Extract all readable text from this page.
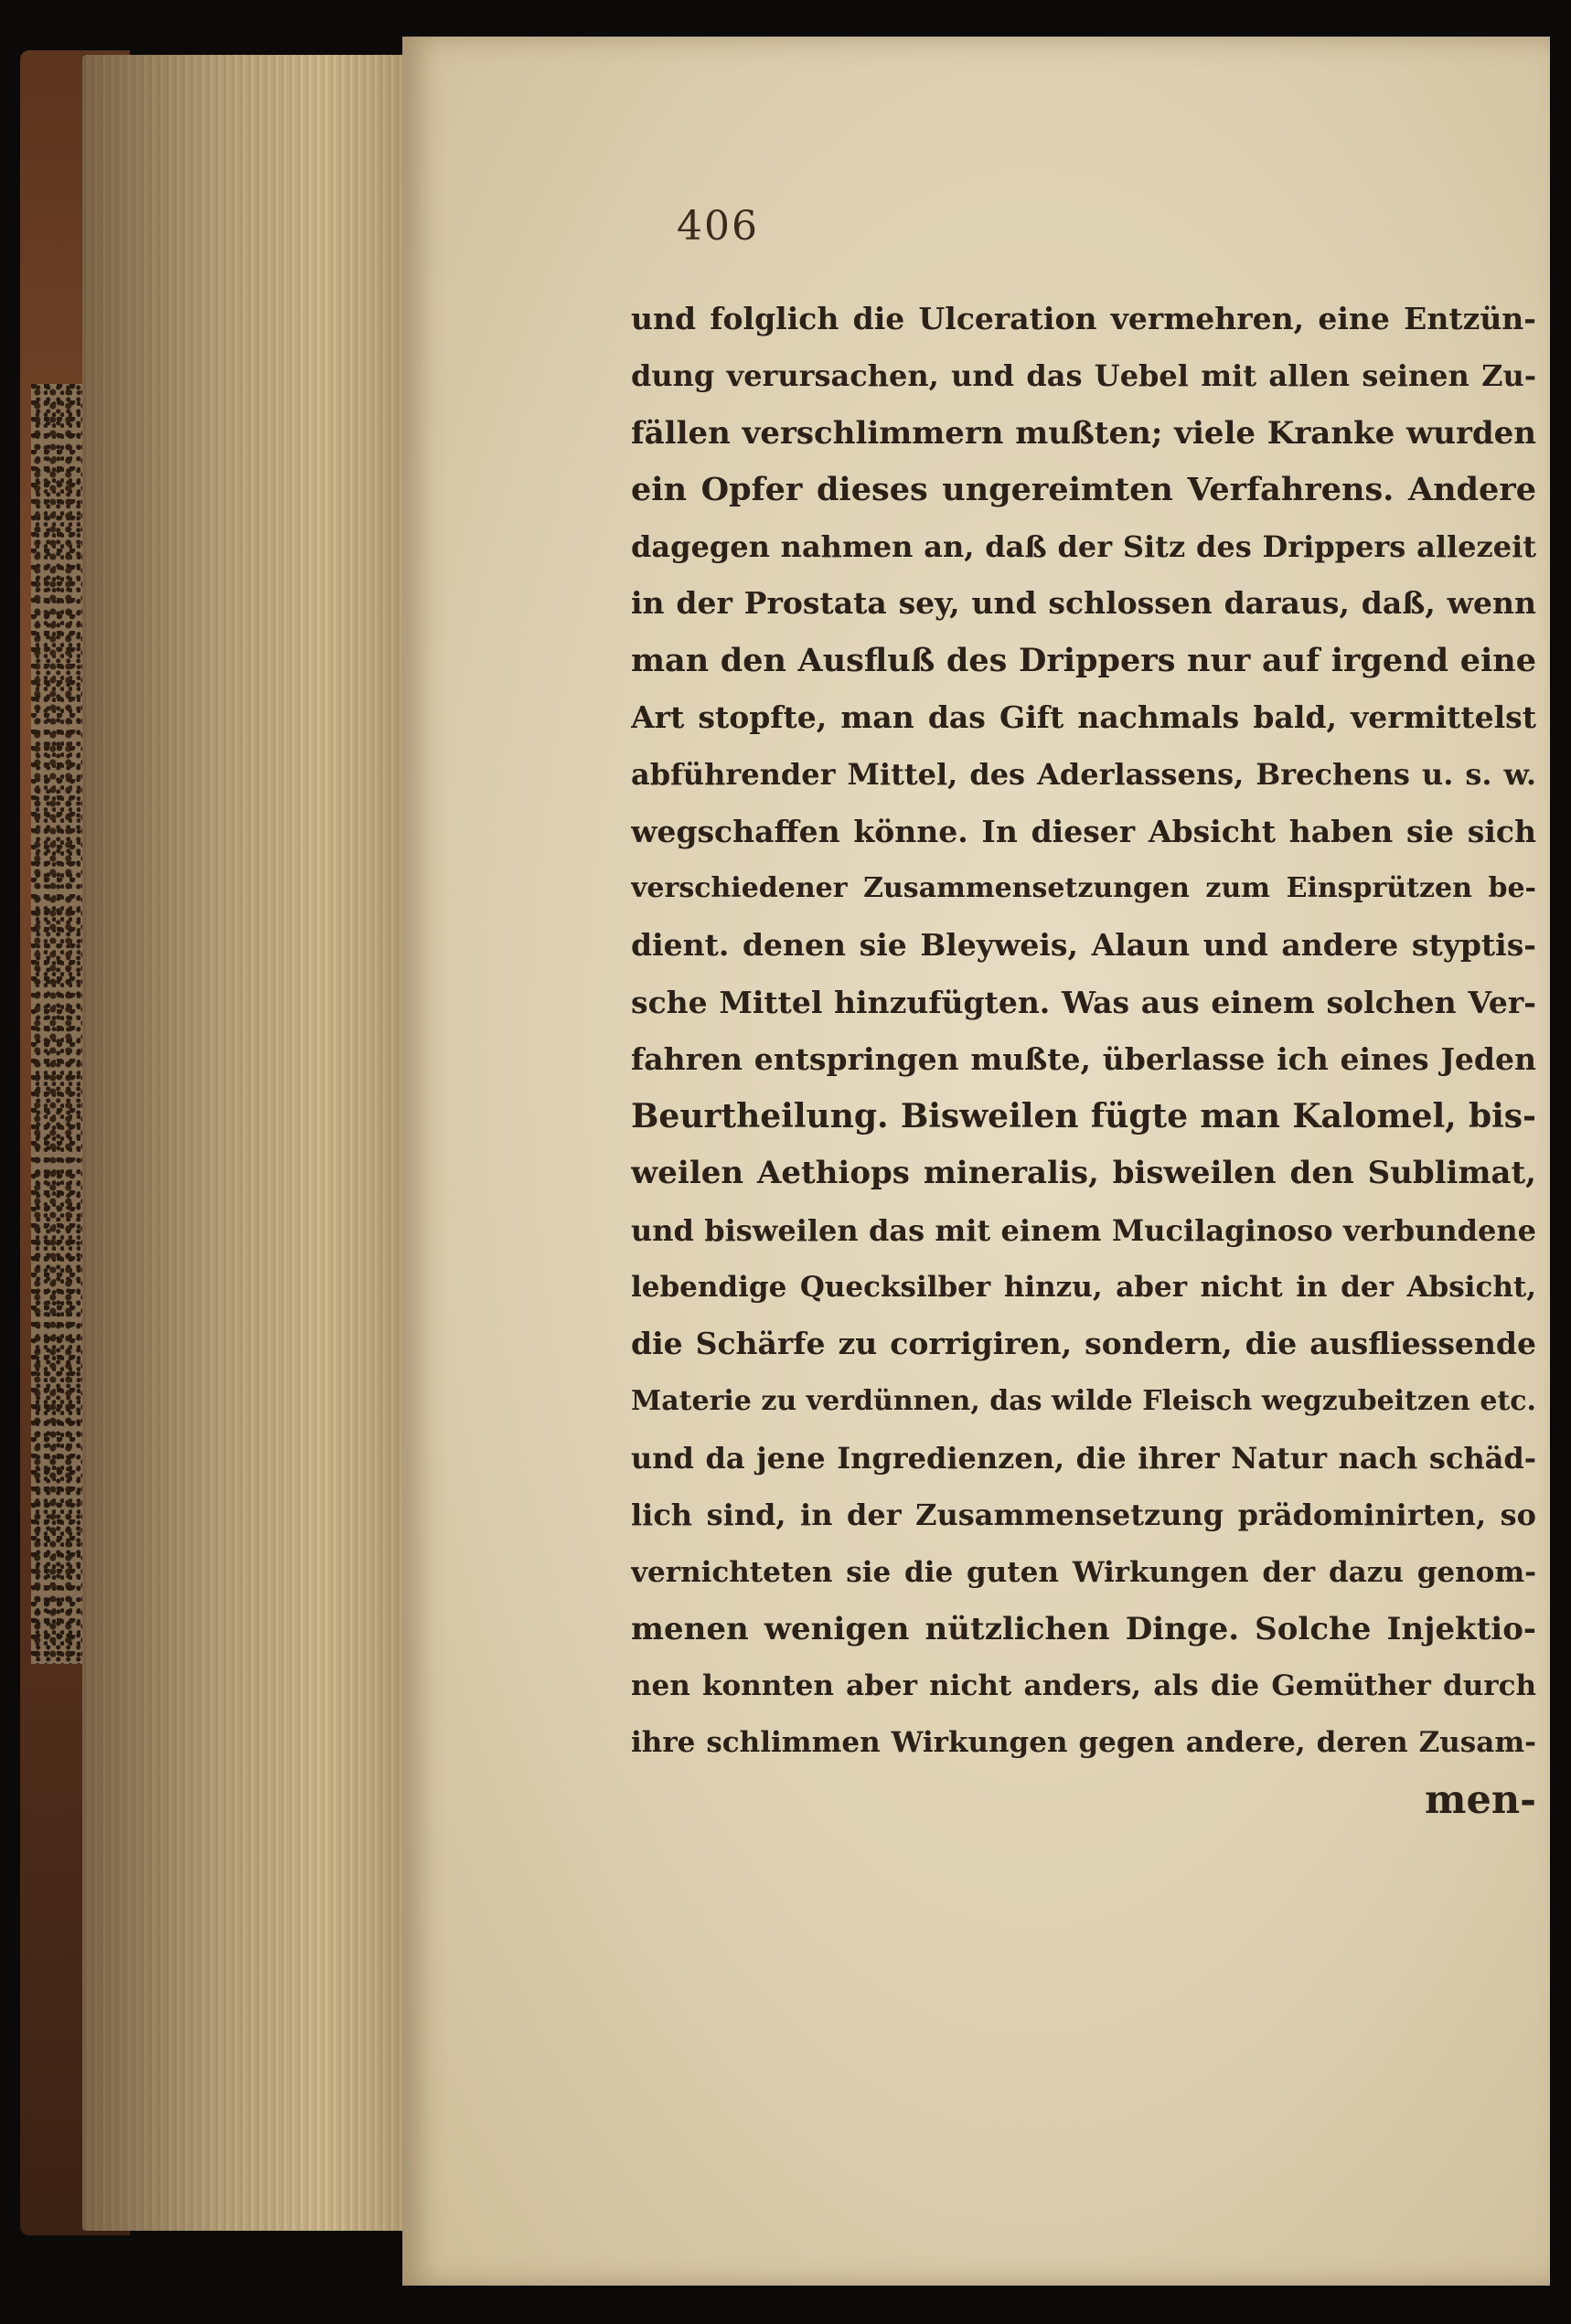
406
und folglich die Ulceration vermehren, eine Entzün-
dung verursachen, und das Uebel mit allen seinen Zu-
fällen verschlimmern mußten; viele Kranke wurden
ein Opfer dieses ungereimten Verfahrens. Andere
dagegen nahmen an, daß der Sitz des Drippers allezeit
in der Prostata sey, und schlossen daraus, daß, wenn
man den Ausfluß des Drippers nur auf irgend eine
Art stopfte, man das Gift nachmals bald, vermittelst
abführender Mittel, des Aderlassens, Brechens u. s. w.
wegschaffen könne. In dieser Absicht haben sie sich
verschiedener Zusammensetzungen zum Einsprützen be-
dient. denen sie Bleyweis, Alaun und andere styptis-
sche Mittel hinzufügten. Was aus einem solchen Ver-
fahren entspringen mußte, überlasse ich eines Jeden
Beurtheilung. Bisweilen fügte man Kalomel, bis-
weilen Aethiops mineralis, bisweilen den Sublimat,
und bisweilen das mit einem Mucilaginoso verbundene
lebendige Quecksilber hinzu, aber nicht in der Absicht,
die Schärfe zu corrigiren, sondern, die ausfliessende
Materie zu verdünnen, das wilde Fleisch wegzubeitzen etc.
und da jene Ingredienzen, die ihrer Natur nach schäd-
lich sind, in der Zusammensetzung prädominirten, so
vernichteten sie die guten Wirkungen der dazu genom-
menen wenigen nützlichen Dinge. Solche Injektio-
nen konnten aber nicht anders, als die Gemüther durch
ihre schlimmen Wirkungen gegen andere, deren Zusam-
men-
